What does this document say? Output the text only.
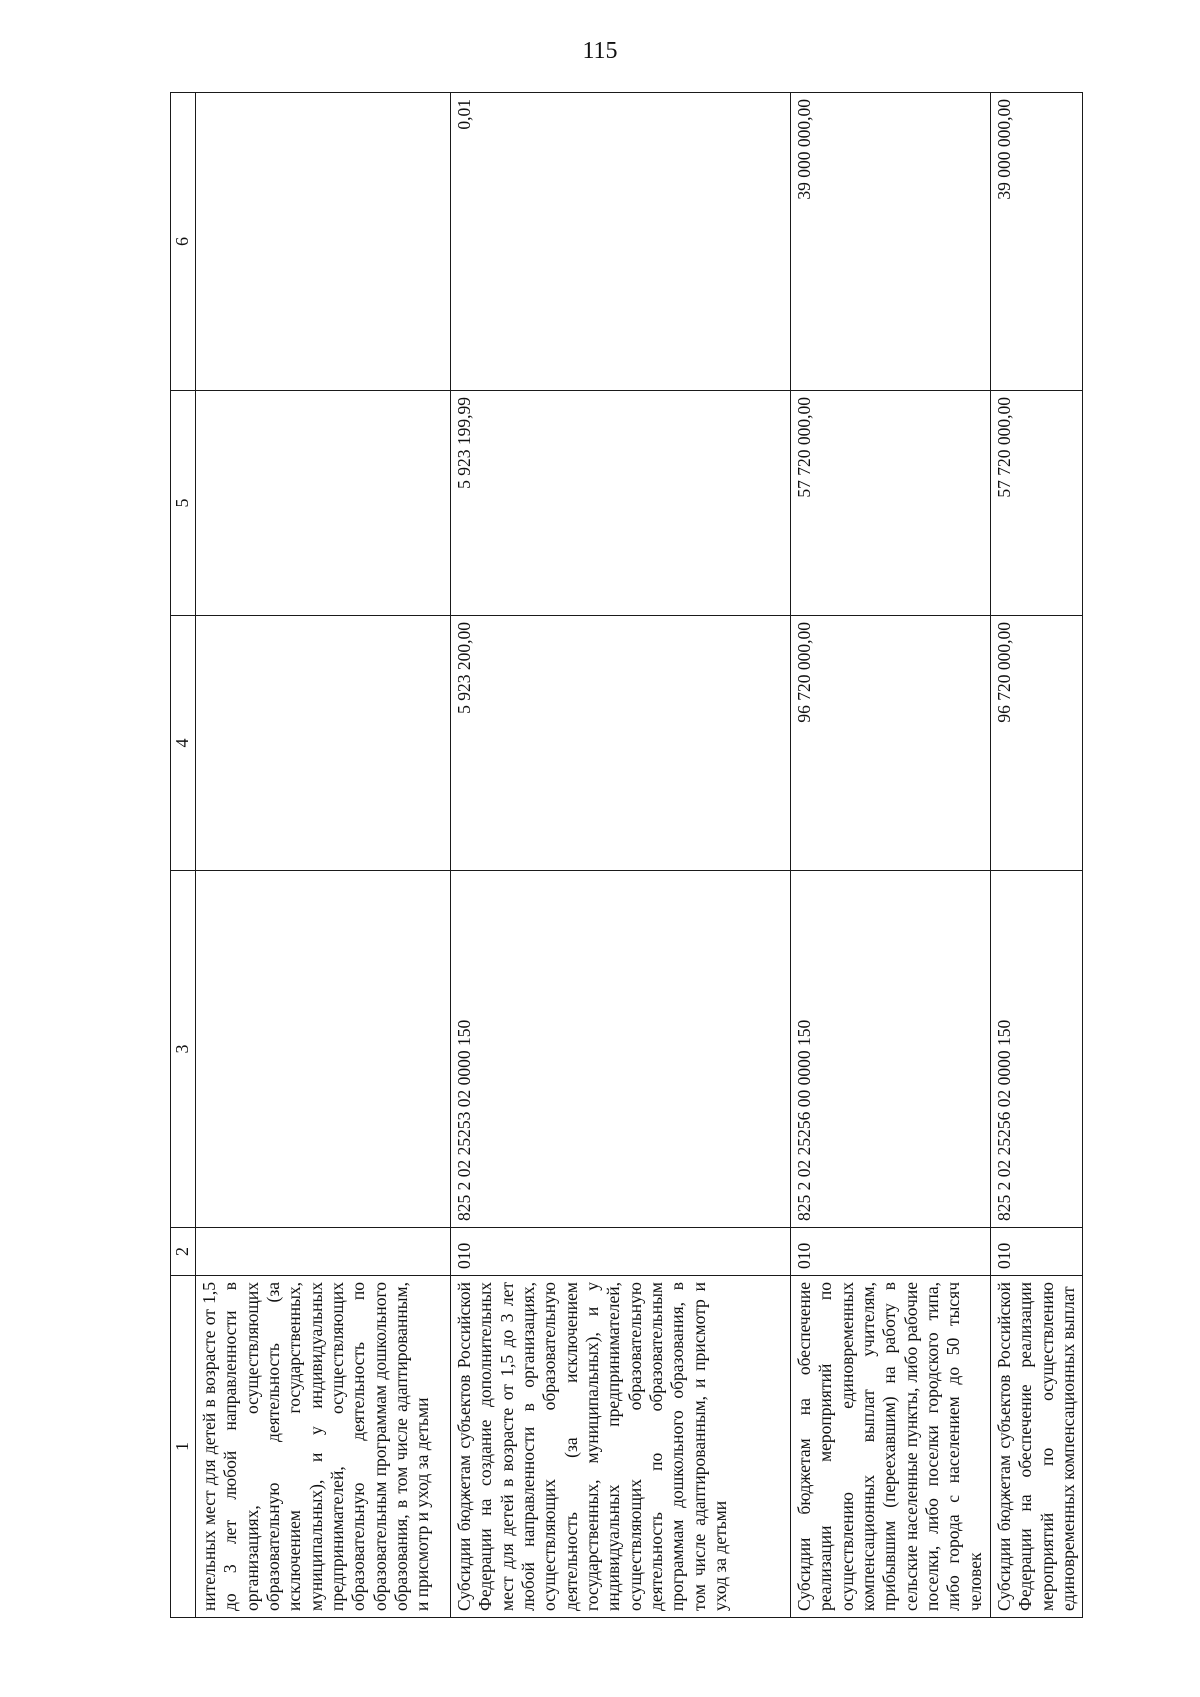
115
1	2	3	4	5	6
нительных мест для детей в возрасте от 1,5 до 3 лет любой направленности в организациях, осуществляющих образовательную деятельность (за исключением государственных, муниципальных), и у индивидуальных предпринимателей, осуществляющих образовательную деятельность по образовательным программам дошкольного образования, в том числе адаптированным, и присмотр и уход за детьми					
Субсидии бюджетам субъектов Российской Федерации на создание дополнительных мест для детей в возрасте от 1,5 до 3 лет любой направленности в организациях, осуществляющих образовательную деятельность (за исключением государственных, муниципальных), и у индивидуальных предпринимателей, осуществляющих образовательную деятельность по образовательным программам дошкольного образования, в том числе адаптированным, и присмотр и уход за детьми	010	825 2 02 25253 02 0000 150	5 923 200,00	5 923 199,99	0,01
Субсидии бюджетам на обеспечение реализации мероприятий по осуществлению единовременных компенсационных выплат учителям, прибывшим (переехавшим) на работу в сельские населенные пункты, либо рабочие поселки, либо поселки городского типа, либо города с населением до 50 тысяч человек	010	825 2 02 25256 00 0000 150	96 720 000,00	57 720 000,00	39 000 000,00
Субсидии бюджетам субъектов Российской Федерации на обеспечение реализации мероприятий по осуществлению единовременных компенсационных выплат	010	825 2 02 25256 02 0000 150	96 720 000,00	57 720 000,00	39 000 000,00
